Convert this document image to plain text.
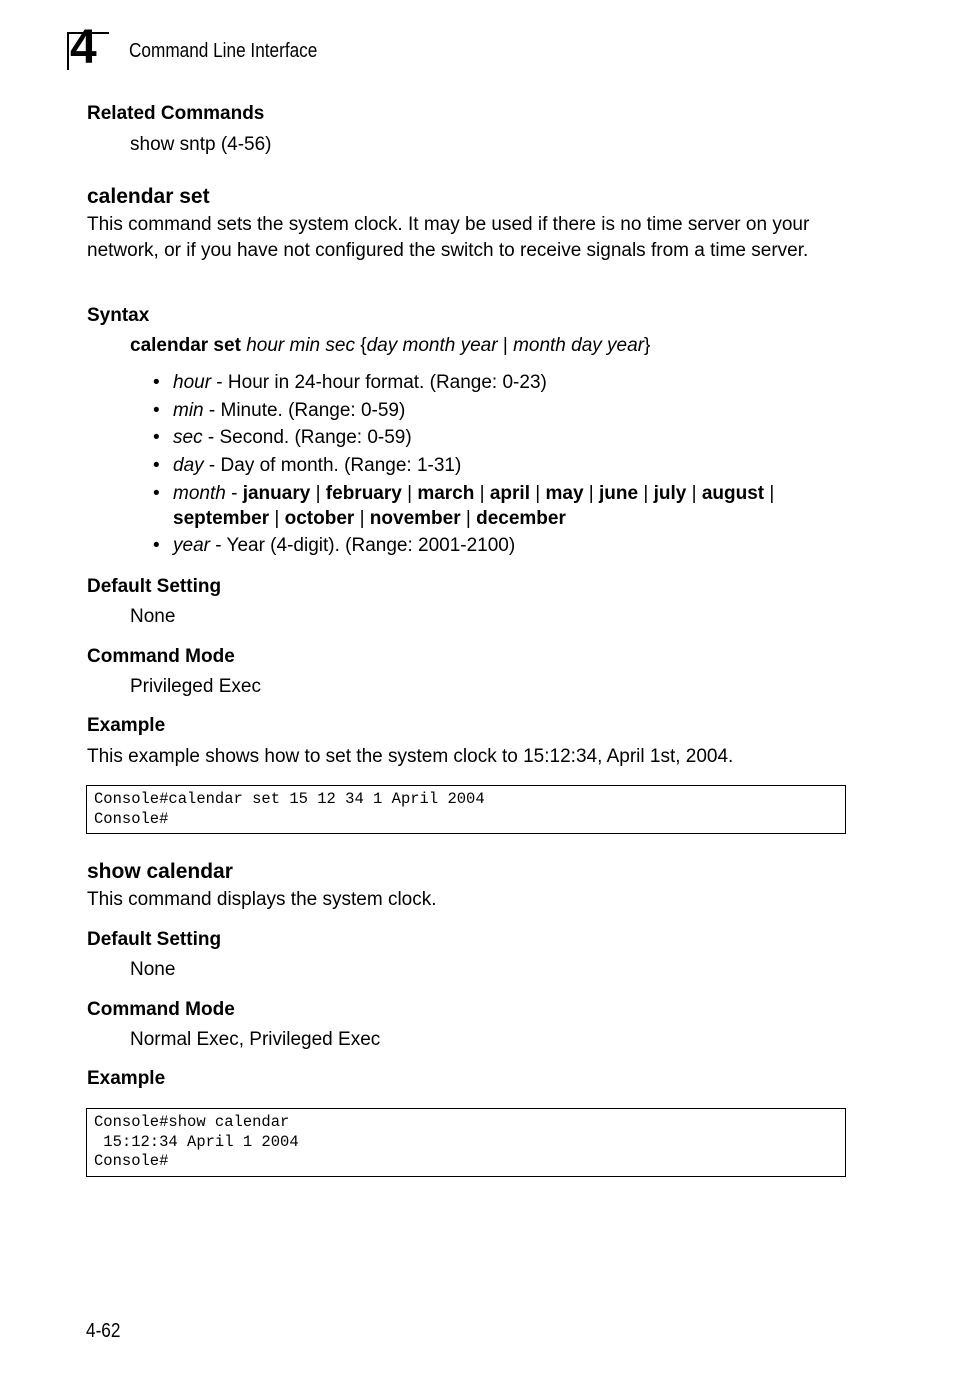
4 Command Line Interface
Related Commands
show sntp (4-56)
calendar set
This command sets the system clock. It may be used if there is no time server on your network, or if you have not configured the switch to receive signals from a time server.
Syntax
calendar set hour min sec {day month year | month day year}
• hour - Hour in 24-hour format. (Range: 0-23)
• min - Minute. (Range: 0-59)
• sec - Second. (Range: 0-59)
• day - Day of month. (Range: 1-31)
• month - january | february | march | april | may | june | july | august | september | october | november | december
• year - Year (4-digit). (Range: 2001-2100)
Default Setting
None
Command Mode
Privileged Exec
Example
This example shows how to set the system clock to 15:12:34, April 1st, 2004.
Console#calendar set 15 12 34 1 April 2004
Console#
show calendar
This command displays the system clock.
Default Setting
None
Command Mode
Normal Exec, Privileged Exec
Example
Console#show calendar
15:12:34 April 1 2004
Console#
4-62
